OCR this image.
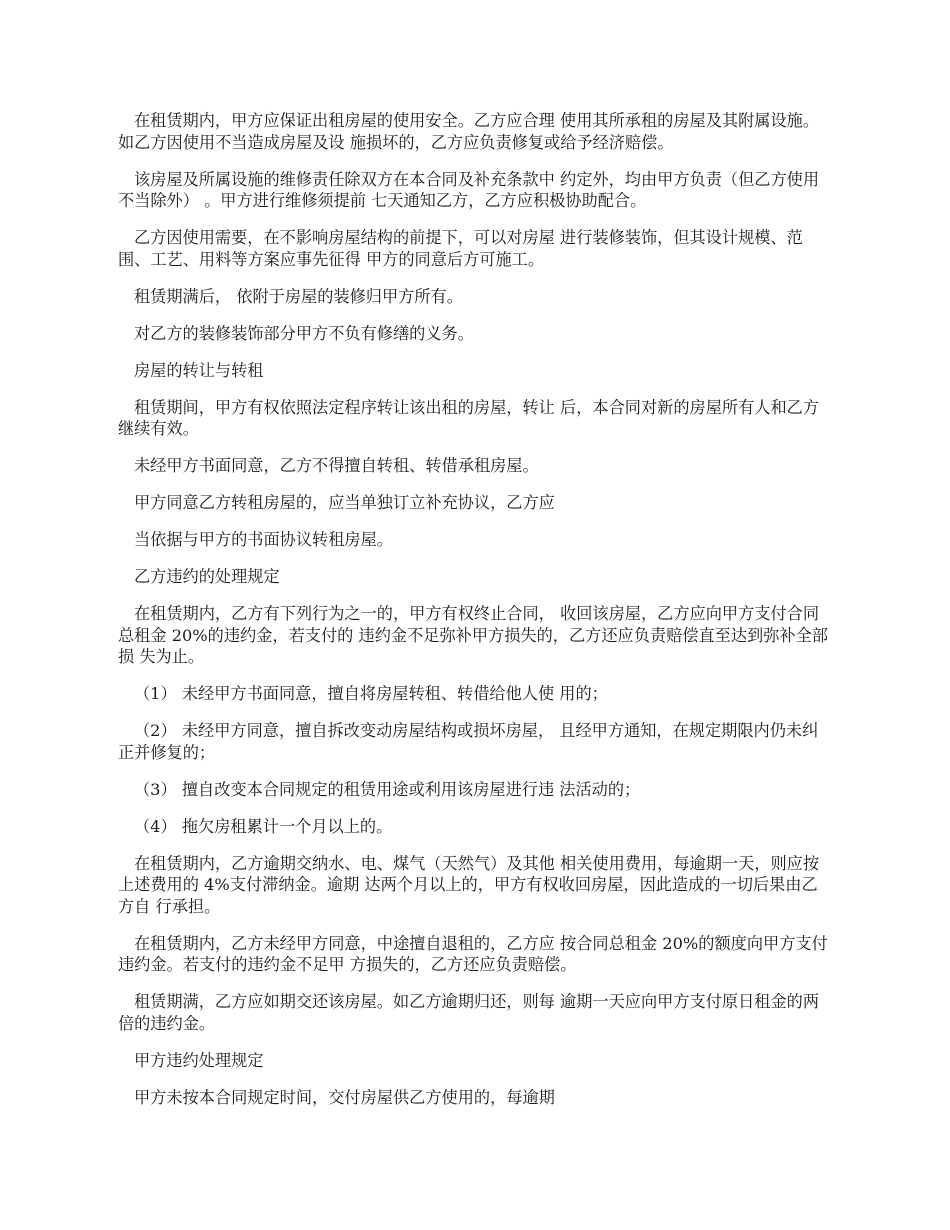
在租赁期内，甲方应保证出租房屋的使用安全。乙方应合理 使用其所承租的房屋及其附属设施。如乙方因使用不当造成房屋及设 施损坏的，乙方应负责修复或给予经济赔偿。

该房屋及所属设施的维修责任除双方在本合同及补充条款中 约定外，均由甲方负责（但乙方使用不当除外） 。甲方进行维修须提前 七天通知乙方，乙方应积极协助配合。

乙方因使用需要，在不影响房屋结构的前提下，可以对房屋 进行装修装饰，但其设计规模、范围、工艺、用料等方案应事先征得 甲方的同意后方可施工。

租赁期满后， 依附于房屋的装修归甲方所有。

对乙方的装修装饰部分甲方不负有修缮的义务。

房屋的转让与转租

租赁期间，甲方有权依照法定程序转让该出租的房屋，转让 后，本合同对新的房屋所有人和乙方继续有效。

未经甲方书面同意，乙方不得擅自转租、转借承租房屋。

甲方同意乙方转租房屋的，应当单独订立补充协议，乙方应

当依据与甲方的书面协议转租房屋。

乙方违约的处理规定

在租赁期内，乙方有下列行为之一的，甲方有权终止合同， 收回该房屋，乙方应向甲方支付合同总租金 20%的违约金，若支付的 违约金不足弥补甲方损失的，乙方还应负责赔偿直至达到弥补全部损 失为止。

（1） 未经甲方书面同意，擅自将房屋转租、转借给他人使 用的；

（2） 未经甲方同意，擅自拆改变动房屋结构或损坏房屋， 且经甲方通知，在规定期限内仍未纠正并修复的；

（3） 擅自改变本合同规定的租赁用途或利用该房屋进行违 法活动的；

（4） 拖欠房租累计一个月以上的。

在租赁期内，乙方逾期交纳水、电、煤气（天然气）及其他 相关使用费用，每逾期一天，则应按上述费用的 4%支付滞纳金。逾期 达两个月以上的，甲方有权收回房屋，因此造成的一切后果由乙方自 行承担。

在租赁期内，乙方未经甲方同意，中途擅自退租的，乙方应 按合同总租金 20%的额度向甲方支付违约金。若支付的违约金不足甲 方损失的，乙方还应负责赔偿。

租赁期满，乙方应如期交还该房屋。如乙方逾期归还，则每 逾期一天应向甲方支付原日租金的两倍的违约金。

甲方违约处理规定

甲方未按本合同规定时间，交付房屋供乙方使用的，每逾期
